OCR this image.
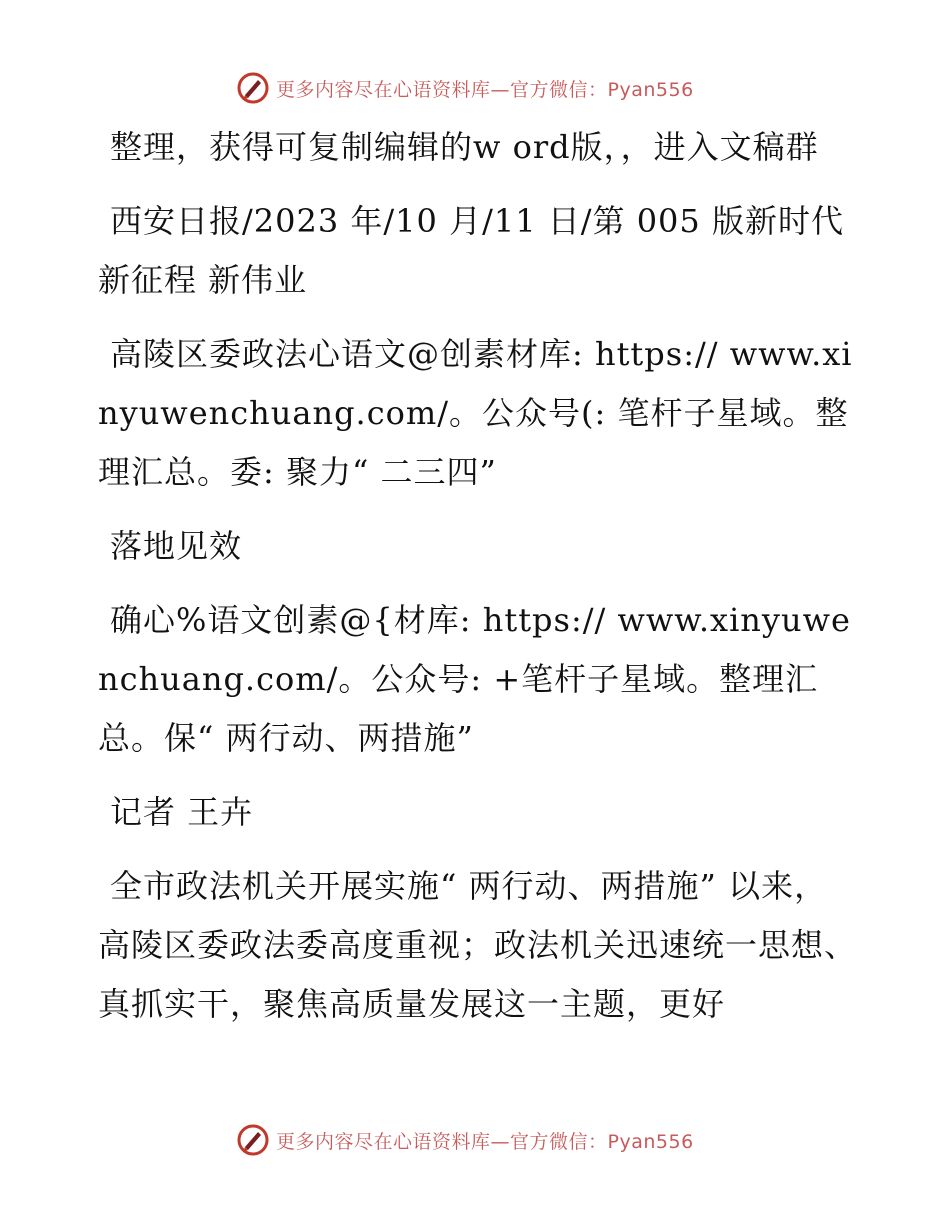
更多内容尽在心语资料库—官方微信：Pyan556

整理，获得可复制编辑的w ord版，，进入文稿群

西安日报/2023 年/10 月/11 日/第 005 版新时代 新征程 新伟业

高陵区委政法心语文@创素材库: https:// www.xinyuwenchuang.com/。公众号(: 笔杆子星域。整理汇总。委: 聚力“ 二三四”

落地见效

确心%语文创素@{材库: https:// www.xinyuwenchuang.com/。公众号: +笔杆子星域。整理汇总。保“ 两行动、两措施”

记者 王卉

全市政法机关开展实施“ 两行动、两措施” 以来，高陵区委政法委高度重视；政法机关迅速统一思想、真抓实干，聚焦高质量发展这一主题，更好

更多内容尽在心语资料库—官方微信：Pyan556
